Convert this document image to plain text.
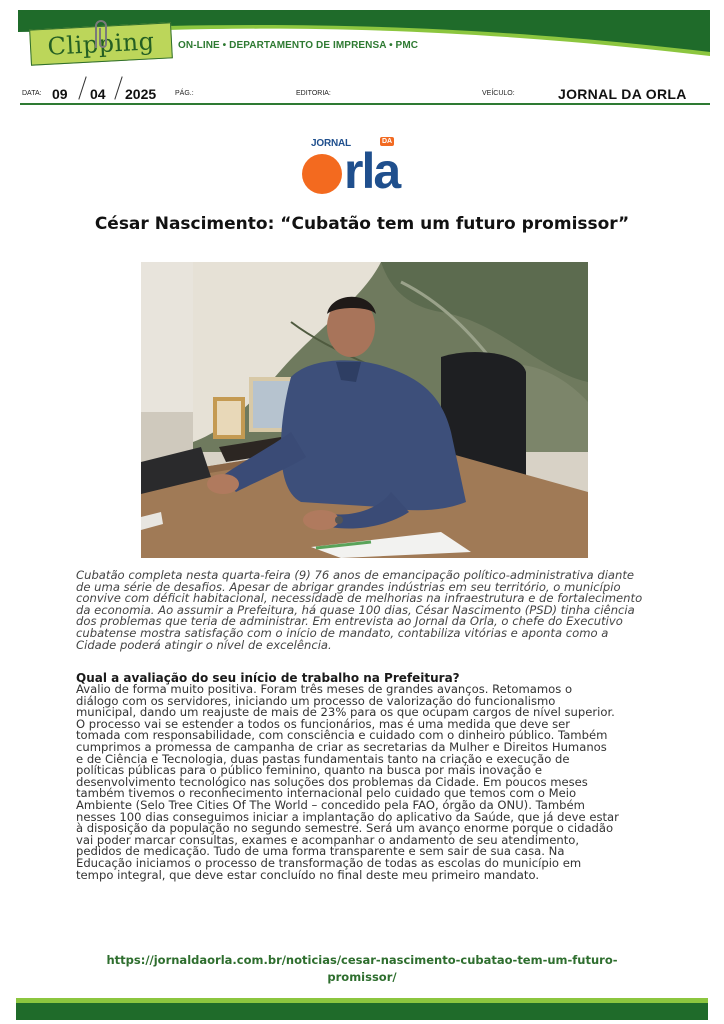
Clipping ON-LINE • DEPARTAMENTO DE IMPRENSA • PMC
DATA: 09 04 2025	PÁG.:	EDITORIA:	VEÍCULO:	JORNAL DA ORLA
JORNAL	DA
rla
César Nascimento: “Cubatão tem um futuro promissor”
Cubatão completa nesta quarta-feira (9) 76 anos de emancipação político-administrativa diante
de uma série de desafios. Apesar de abrigar grandes indústrias em seu território, o município
convive com déficit habitacional, necessidade de melhorias na infraestrutura e de fortalecimento
da economia. Ao assumir a Prefeitura, há quase 100 dias, César Nascimento (PSD) tinha ciência
dos problemas que teria de administrar. Em entrevista ao Jornal da Orla, o chefe do Executivo
cubatense mostra satisfação com o início de mandato, contabiliza vitórias e aponta como a
Cidade poderá atingir o nível de excelência.
Qual a avaliação do seu início de trabalho na Prefeitura?
Avalio de forma muito positiva. Foram três meses de grandes avanços. Retomamos o
diálogo com os servidores, iniciando um processo de valorização do funcionalismo
municipal, dando um reajuste de mais de 23% para os que ocupam cargos de nível superior.
O processo vai se estender a todos os funcionários, mas é uma medida que deve ser
tomada com responsabilidade, com consciência e cuidado com o dinheiro público. Também
cumprimos a promessa de campanha de criar as secretarias da Mulher e Direitos Humanos
e de Ciência e Tecnologia, duas pastas fundamentais tanto na criação e execução de
políticas públicas para o público feminino, quanto na busca por mais inovação e
desenvolvimento tecnológico nas soluções dos problemas da Cidade. Em poucos meses
também tivemos o reconhecimento internacional pelo cuidado que temos com o Meio
Ambiente (Selo Tree Cities Of The World – concedido pela FAO, órgão da ONU). Também
nesses 100 dias conseguimos iniciar a implantação do aplicativo da Saúde, que já deve estar
à disposição da população no segundo semestre. Será um avanço enorme porque o cidadão
vai poder marcar consultas, exames e acompanhar o andamento de seu atendimento,
pedidos de medicação. Tudo de uma forma transparente e sem sair de sua casa. Na
Educação iniciamos o processo de transformação de todas as escolas do município em
tempo integral, que deve estar concluído no final deste meu primeiro mandato.
https://jornaldaorla.com.br/noticias/cesar-nascimento-cubatao-tem-um-futuro-
promissor/
